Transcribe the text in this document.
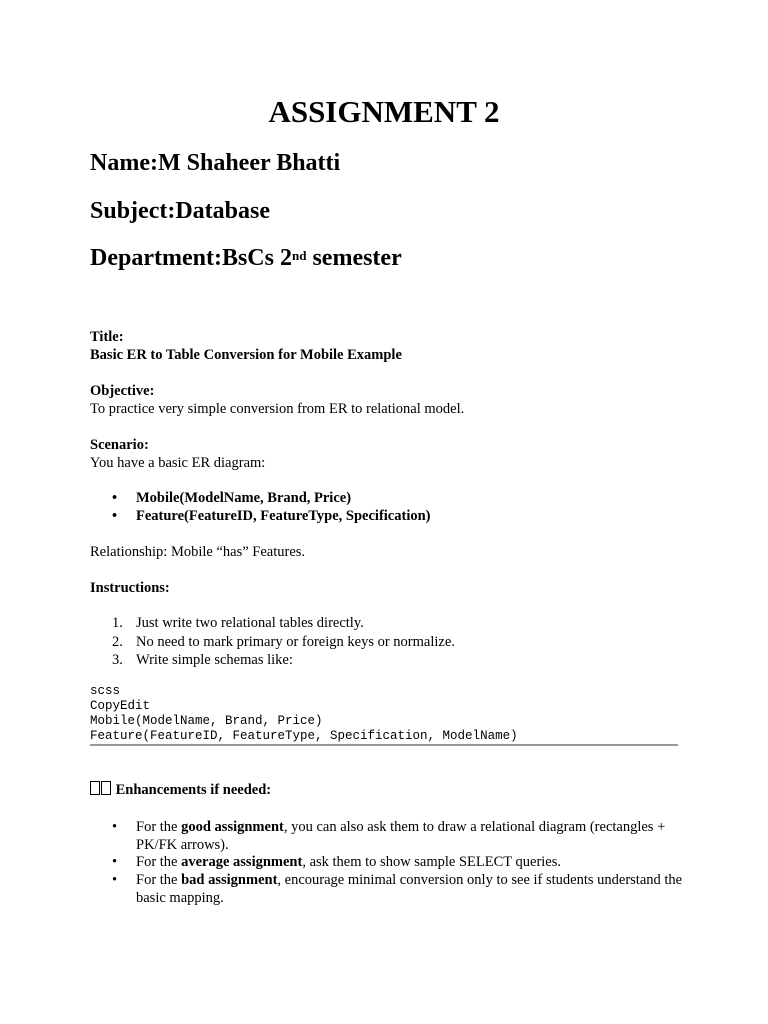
ASSIGNMENT 2
Name:M Shaheer Bhatti
Subject:Database
Department:BsCs 2nd semester
Title:
Basic ER to Table Conversion for Mobile Example
Objective:
To practice very simple conversion from ER to relational model.
Scenario:
You have a basic ER diagram:
•	Mobile(ModelName, Brand, Price)
•	Feature(FeatureID, FeatureType, Specification)
Relationship: Mobile “has” Features.
Instructions:
1. Just write two relational tables directly.
2. No need to mark primary or foreign keys or normalize.
3. Write simple schemas like:
scss
CopyEdit
Mobile(ModelName, Brand, Price)
Feature(FeatureID, FeatureType, Specification, ModelName)
Enhancements if needed:
•	For the good assignment, you can also ask them to draw a relational diagram (rectangles + PK/FK arrows).
•	For the average assignment, ask them to show sample SELECT queries.
•	For the bad assignment, encourage minimal conversion only to see if students understand the basic mapping.
